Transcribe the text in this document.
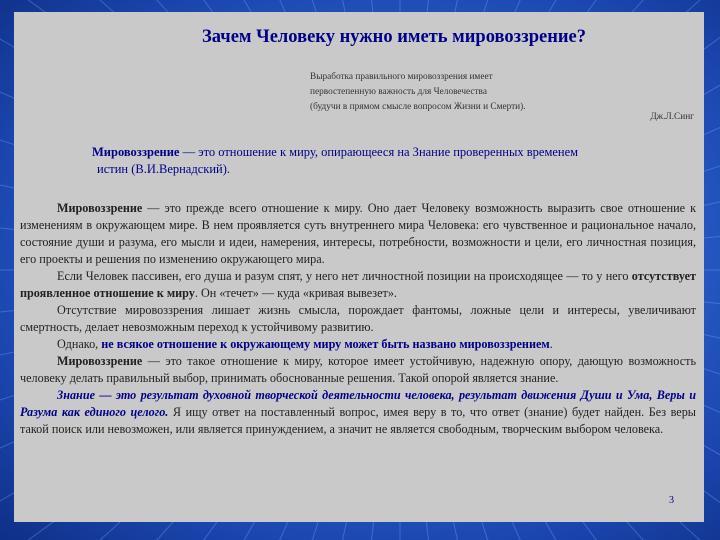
Зачем Человеку нужно иметь мировоззрение?
Выработка правильного мировоззрения имеет
первостепенную важность для Человечества
(будучи в прямом смысле вопросом Жизни и Смерти).
Дж.Л.Синг
Мировоззрение — это отношение к миру, опирающееся на Знание проверенных временем
истин (В.И.Вернадский).

Мировоззрение — это прежде всего отношение к миру. Оно дает Человеку возможность выразить свое отношение к изменениям в окружающем мире. В нем проявляется суть внутреннего мира Человека: его чувственное и рациональное начало, состояние души и разума, его мысли и идеи, намерения, интересы, потребности, возможности и цели, его личностная позиция, его проекты и решения по изменению окружающего мира.

Если Человек пассивен, его душа и разум спят, у него нет личностной позиции на происходящее — то у него отсутствует проявленное отношение к миру. Он «течет» — куда «кривая вывезет».

Отсутствие мировоззрения лишает жизнь смысла, порождает фантомы, ложные цели и интересы, увеличивают смертность, делает невозможным переход к устойчивому развитию.

Однако, не всякое отношение к окружающему миру может быть названо мировоззрением.

Мировоззрение — это такое отношение к миру, которое имеет устойчивую, надежную опору, дающую возможность человеку делать правильный выбор, принимать обоснованные решения. Такой опорой является знание.

Знание — это результат духовной творческой деятельности человека, результат движения Души и Ума, Веры и Разума как единого целого. Я ищу ответ на поставленный вопрос, имея веру в то, что ответ (знание) будет найден. Без веры такой поиск или невозможен, или является принуждением, а значит не является свободным, творческим выбором человека.

3
